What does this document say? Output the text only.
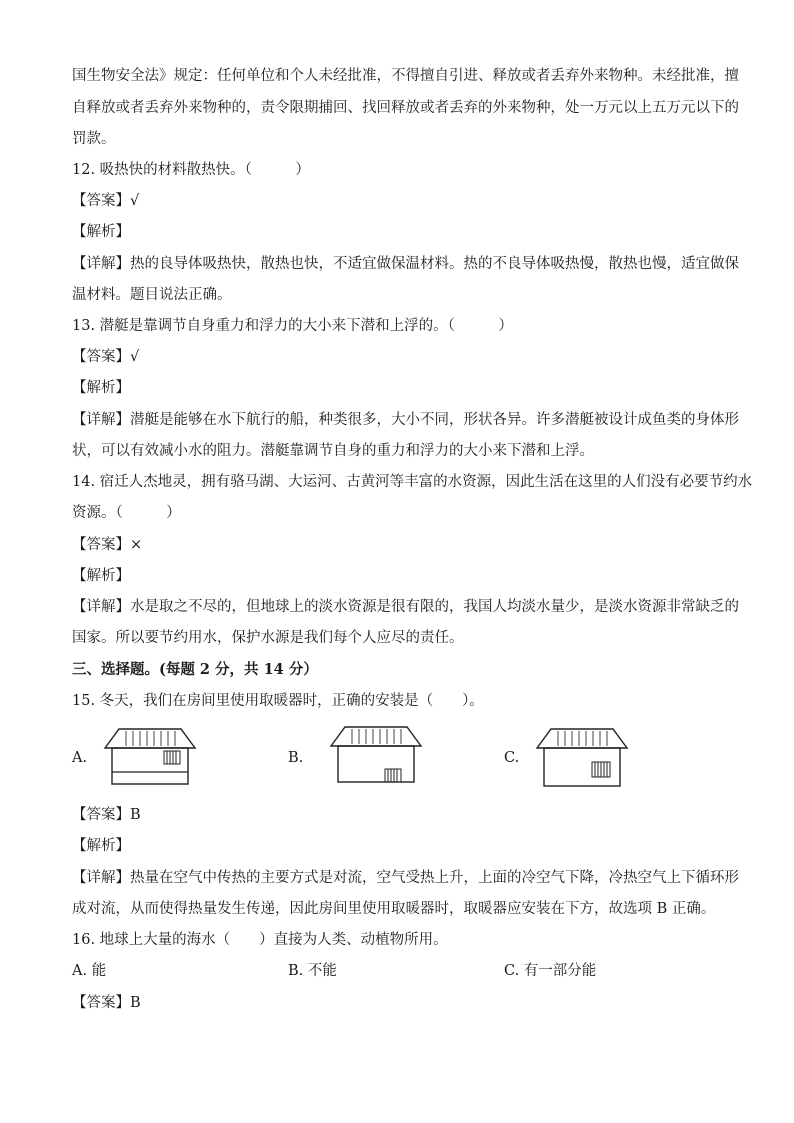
国生物安全法》规定：任何单位和个人未经批准，不得擅自引进、释放或者丢弃外来物种。未经批准，擅
自释放或者丢弃外来物种的，责令限期捕回、找回释放或者丢弃的外来物种，处一万元以上五万元以下的
罚款。
12. 吸热快的材料散热快。（　　　）
【答案】√
【解析】
【详解】热的良导体吸热快，散热也快，不适宜做保温材料。热的不良导体吸热慢，散热也慢，适宜做保
温材料。题目说法正确。
13. 潜艇是靠调节自身重力和浮力的大小来下潜和上浮的。（　　　）
【答案】√
【解析】
【详解】潜艇是能够在水下航行的船，种类很多，大小不同，形状各异。许多潜艇被设计成鱼类的身体形
状，可以有效减小水的阻力。潜艇靠调节自身的重力和浮力的大小来下潜和上浮。
14. 宿迁人杰地灵，拥有骆马湖、大运河、古黄河等丰富的水资源，因此生活在这里的人们没有必要节约水
资源。（　　　）
【答案】×
【解析】
【详解】水是取之不尽的，但地球上的淡水资源是很有限的，我国人均淡水量少，是淡水资源非常缺乏的
国家。所以要节约用水，保护水源是我们每个人应尽的责任。
三、选择题。(每题 2 分，共 14 分）
15. 冬天，我们在房间里使用取暖器时，正确的安装是（　　）。
A.	B.	C.
【答案】B
【解析】
【详解】热量在空气中传热的主要方式是对流，空气受热上升，上面的冷空气下降，冷热空气上下循环形
成对流，从而使得热量发生传递，因此房间里使用取暖器时，取暖器应安装在下方，故选项 B 正确。
16. 地球上大量的海水（　　）直接为人类、动植物所用。
A. 能	B. 不能	C. 有一部分能
【答案】B
